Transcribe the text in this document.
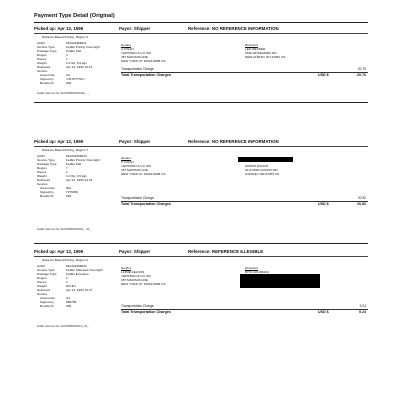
Payment Type Detail (Original)
Picked up: Apr 12, 1999	Payor: Shipper	Reference: NO REFERENCE INFORMATION
Distance Based Pricing, Region 4
Airbill	810433466811
Service Type	FedEx Priority Overnight
Package Type	FedEx Pak
Region	4
Pieces	1
Weight	2.0 lbs, 0.9 kgs
Delivered	Apr 13, 1999 10:13
Service
Area Code	AA
Signed by	J.SHOTTSKY
Bundle ID	000
Sender
C FOLEY
J EPSTEIN & CO INC
457 MADISON AVE
NEW YORK NY 10022-6805 US
Recipient
LES WEXNER
ONE WHILEMARK RD
NEW ALBANY OH 43054 US
Transportation Charge	20.70
Total Transportation Charges	USD $	20.70
FedEx Internal Use: 0104059900305/400_..._
Picked up: Apr 12, 1999	Payor: Shipper	Reference: NO REFERENCE INFORMATION
Distance Based Pricing, Region 7
Airbill	810433466833
Service Type	FedEx Priority Overnight
Package Type	FedEx Pak
Region	7
Pieces	1
Weight	1.0 lbs, 0.5 kgs
Delivered	Apr 13, 1999 14:24
Service
Area Code	NM
Signed by	7279936
Bundle ID	000
Sender
C FOLEY
J EPSTEIN & CO INC
457 MADISON AVE
NEW YORK NY 10022-6805 US
ZORRO RANCH
#4 ZORRO RANCH RD
STANLEY NM 87056 US
Transportation Charge	20.92
Total Transportation Charges	USD $	20.92
FedEx Internal Use: 0104059900305/00_...00_
Picked up: Apr 12, 1999	Payor: Shipper	Reference: REFERENCE ILLEGIBLE
Distance Based Pricing, Region 2
Airbill	810433466844
Service Type	FedEx Standard Overnight
Package Type	FedEx Envelope
Region	2
Pieces	1
Weight	N/A lbs
Delivered	Apr 13, 1999 13:27
Service
Area Code	AA
Signed by	889758
Bundle ID	000
Sender
LAINIE KELSON
J EPSTEIN & CO INC
457 MADISON AVE
NEW YORK NY 10022-6805 US
Recipient
RITA GOODMAN
Transportation Charge	9.24
Total Transportation Charges	USD $	9.24
FedEx Internal Use: 0104059900305/11_00_
